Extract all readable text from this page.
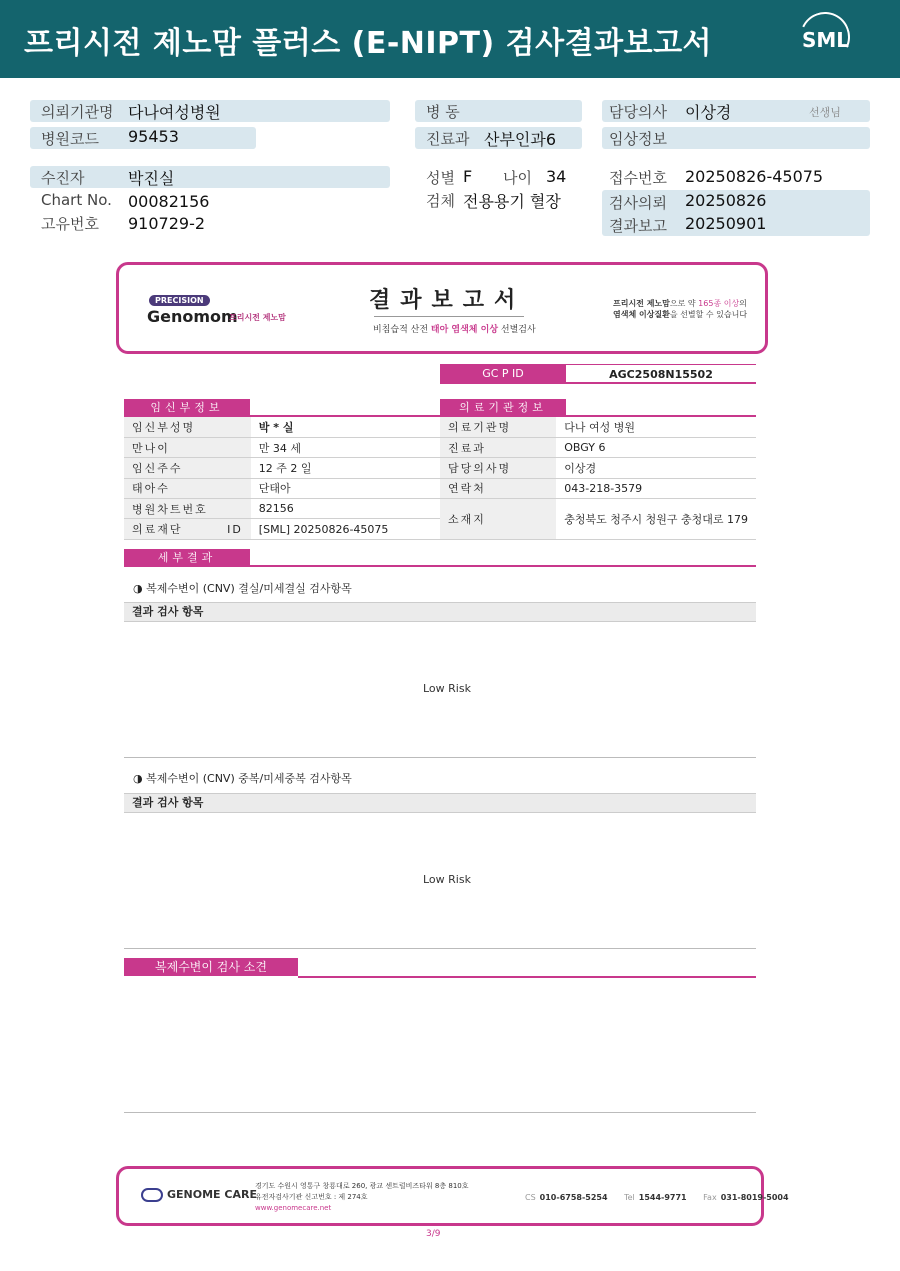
프리시전 제노맘 플러스 (E-NIPT) 검사결과보고서	SML
의뢰기관명 다나여성병원
병원코드 95453
병 동
진료과 산부인과6
담당의사 이상경	선생님
임상정보
수진자	박진실
Chart No. 00082156
고유번호 910729-2
성별 F 나이 34
검체 전용용기 혈장
접수번호 20250826-45075
검사의뢰 20250826
결과보고 20250901
PRECISION
Genomom
프리시전 제노맘
결과보고서
비침습적 산전 태아 염색체 이상 선별검사
프리시전 제노맘으로 약 165종 이상의
염색체 이상질환을 선별할 수 있습니다
GC P ID	AGC2508N15502
임신부정보
임신부성명	박 * 실
만나이	만 34 세
임신주수	12 주 2 일
태아수	단태아
병원차트번호	82156
의료재단 ID	[SML] 20250826-45075
의료기관정보
의료기관명	다나 여성 병원
진료과	OBGY 6
담당의사명	이상경
연락처	043-218-3579
소재지	충청북도 청주시 청원구 충청대로 179
세부결과
◑ 복제수변이 (CNV) 결실/미세결실 검사항목
결과 검사 항목
Low Risk
◑ 복제수변이 (CNV) 중복/미세중복 검사항목
결과 검사 항목
Low Risk
복제수변이 검사 소견
GENOME CARE
경기도 수원시 영통구 창룡대로 260, 광교 센트럴비즈타워 8층 810호
유전자검사기관 신고번호 : 제 274호
www.genomecare.net
CS 010-6758-5254 Tel 1544-9771 Fax 031-8019-5004
3/9
